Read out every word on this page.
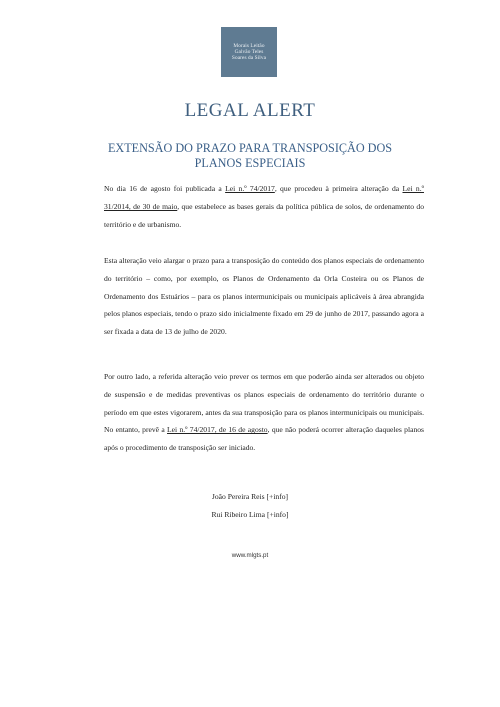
Morais Leitão
Galvão Teles
Soares da Silva
LEGAL ALERT
EXTENSÃO DO PRAZO PARA TRANSPOSIÇÃO DOS
PLANOS ESPECIAIS

No dia 16 de agosto foi publicada a Lei n.º 74/2017, que procedeu à primeira alteração da Lei n.º 31/2014, de 30 de maio, que estabelece as bases gerais da política pública de solos, de ordenamento do território e de urbanismo.

Esta alteração veio alargar o prazo para a transposição do conteúdo dos planos especiais de ordenamento do território – como, por exemplo, os Planos de Ordenamento da Orla Costeira ou os Planos de Ordenamento dos Estuários – para os planos intermunicipais ou municipais aplicáveis à área abrangida pelos planos especiais, tendo o prazo sido inicialmente fixado em 29 de junho de 2017, passando agora a ser fixada a data de 13 de julho de 2020.

Por outro lado, a referida alteração veio prever os termos em que poderão ainda ser alterados ou objeto de suspensão e de medidas preventivas os planos especiais de ordenamento do território durante o período em que estes vigorarem, antes da sua transposição para os planos intermunicipais ou municipais. No entanto, prevê a Lei n.º 74/2017, de 16 de agosto, que não poderá ocorrer alteração daqueles planos após o procedimento de transposição ser iniciado.

João Pereira Reis [+info]
Rui Ribeiro Lima [+info]
www.mlgts.pt
